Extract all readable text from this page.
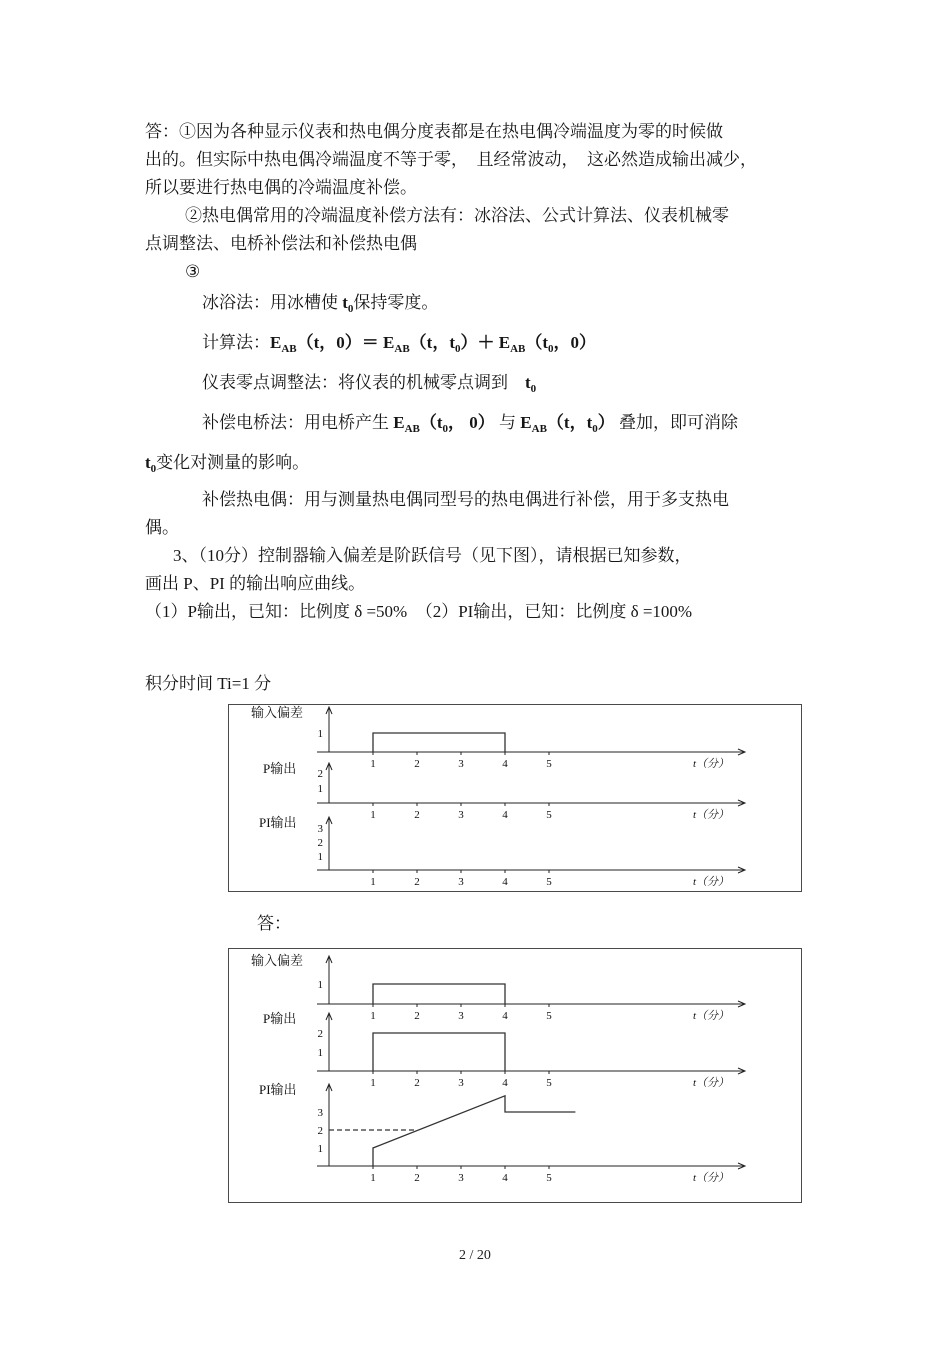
答：①因为各种显示仪表和热电偶分度表都是在热电偶冷端温度为零的时候做
出的。但实际中热电偶冷端温度不等于零，　且经常波动，　这必然造成输出减少，
所以要进行热电偶的冷端温度补偿。
②热电偶常用的冷端温度补偿方法有：冰浴法、公式计算法、仪表机械零
点调整法、电桥补偿法和补偿热电偶
③
冰浴法：用冰槽使 $t_0$保持零度。
计算法：$E_{AB}(t$，$0)= E_{AB}(t$，$t_0)+ E_{AB}(t_0$，0）
仪表零点调整法：将仪表的机械零点调到　$t_0$
补偿电桥法：用电桥产生 $E_{AB}(t_0$， 0） 与 $E_{AB}(t$，$t_0$） 叠加，即可消除
$t_0$变化对测量的影响。
补偿热电偶：用与测量热电偶同型号的热电偶进行补偿，用于多支热电
偶。
3、（10分）控制器输入偏差是阶跃信号（见下图），请根据已知参数，
画出 P、PI 的输出响应曲线。
（1）P输出，已知：比例度 δ =50%　（2）PI输出，已知：比例度 δ =100%
积分时间 Ti=1 分
输入偏差
1
1	2	3	4	5	t（分）
P输出 2
1
1	2	3	4	5	t（分）
PI输出 3
2
1
1	2	3	4	5	t（分）
答：
输入偏差
1
1	2	3	4	5	t（分）
P输出
2
1
1	2	3	4	5	t（分）
PI输出
3
2
1
1	2	3	4	5	t（分）
2 / 20
